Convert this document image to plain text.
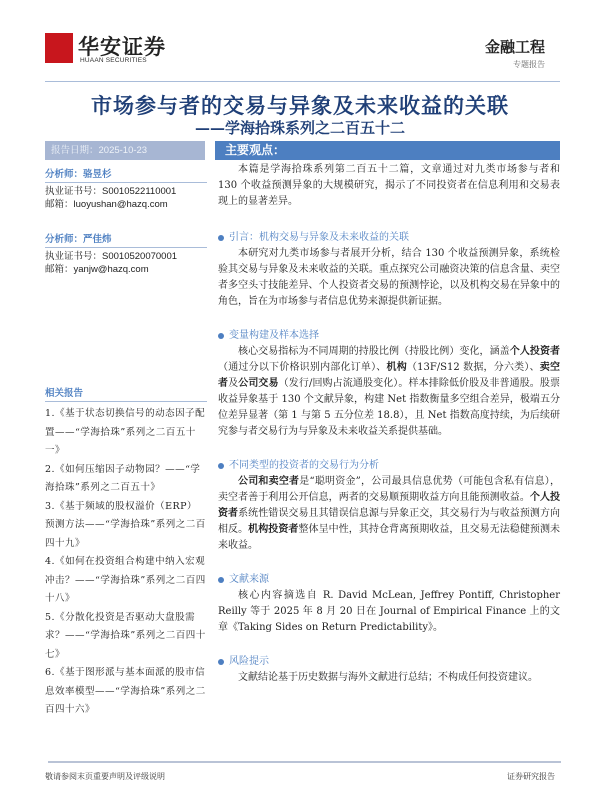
华安证券
HUAAN SECURITIES
金融工程
专题报告
市场参与者的交易与异象及未来收益的关联
——学海拾珠系列之二百五十二
报告日期：2025-10-23	主要观点：
分析师：骆昱杉
执业证书号：S0010522110001
邮箱：luoyushan@hazq.com
分析师：严佳炜
执业证书号：S0010520070001
邮箱：yanjw@hazq.com
相关报告
1.《基于状态切换信号的动态因子配置——“学海拾珠”系列之二百五十一》
2.《如何压缩因子动物园？——“学海拾珠”系列之二百五十》
3.《基于频域的股权溢价（ERP）预测方法——“学海拾珠”系列之二百四十九》
4.《如何在投资组合构建中纳入宏观冲击？——“学海拾珠”系列之二百四十八》
5.《分散化投资是否驱动大盘股需求？——“学海拾珠”系列之二百四十七》
6.《基于图形派与基本面派的股市信息效率模型——“学海拾珠”系列之二百四十六》
本篇是学海拾珠系列第二百五十二篇，文章通过对九类市场参与者和 130 个收益预测异象的大规模研究，揭示了不同投资者在信息利用和交易表现上的显著差异。
引言：机构交易与异象及未来收益的关联
本研究对九类市场参与者展开分析，结合 130 个收益预测异象，系统检验其交易与异象及未来收益的关联。重点探究公司融资决策的信息含量、卖空者多空头寸技能差异、个人投资者交易的预测悖论，以及机构交易在异象中的角色，旨在为市场参与者信息优势来源提供新证据。
变量构建及样本选择
核心交易指标为不同周期的持股比例（持股比例）变化，涵盖个人投资者（通过分以下价格识别内部化订单）、机构（13F/S12 数据，分六类）、卖空者及公司交易（发行/回购占流通股变化）。样本排除低价股及非普通股。股票收益异象基于 130 个文献异象，构建 Net 指数衡量多空组合差异，极端五分位差异显著（第 1 与第 5 五分位差 18.8），且 Net 指数高度持续，为后续研究参与者交易行为与异象及未来收益关系提供基础。
不同类型的投资者的交易行为分析
公司和卖空者是“聪明资金”，公司最具信息优势（可能包含私有信息），卖空者善于利用公开信息，两者的交易顺预期收益方向且能预测收益。个人投资者系统性错误交易且其错误信息源与异象正交，其交易行为与收益预测方向相反。机构投资者整体呈中性，其持仓背离预期收益，且交易无法稳健预测未来收益。
文献来源
核心内容摘选自 R. David McLean, Jeffrey Pontiff, Christopher Reilly 等于 2025 年 8 月 20 日在 Journal of Empirical Finance 上的文章《Taking Sides on Return Predictability》。
风险提示
文献结论基于历史数据与海外文献进行总结；不构成任何投资建议。
敬请参阅末页重要声明及评级说明	证券研究报告
